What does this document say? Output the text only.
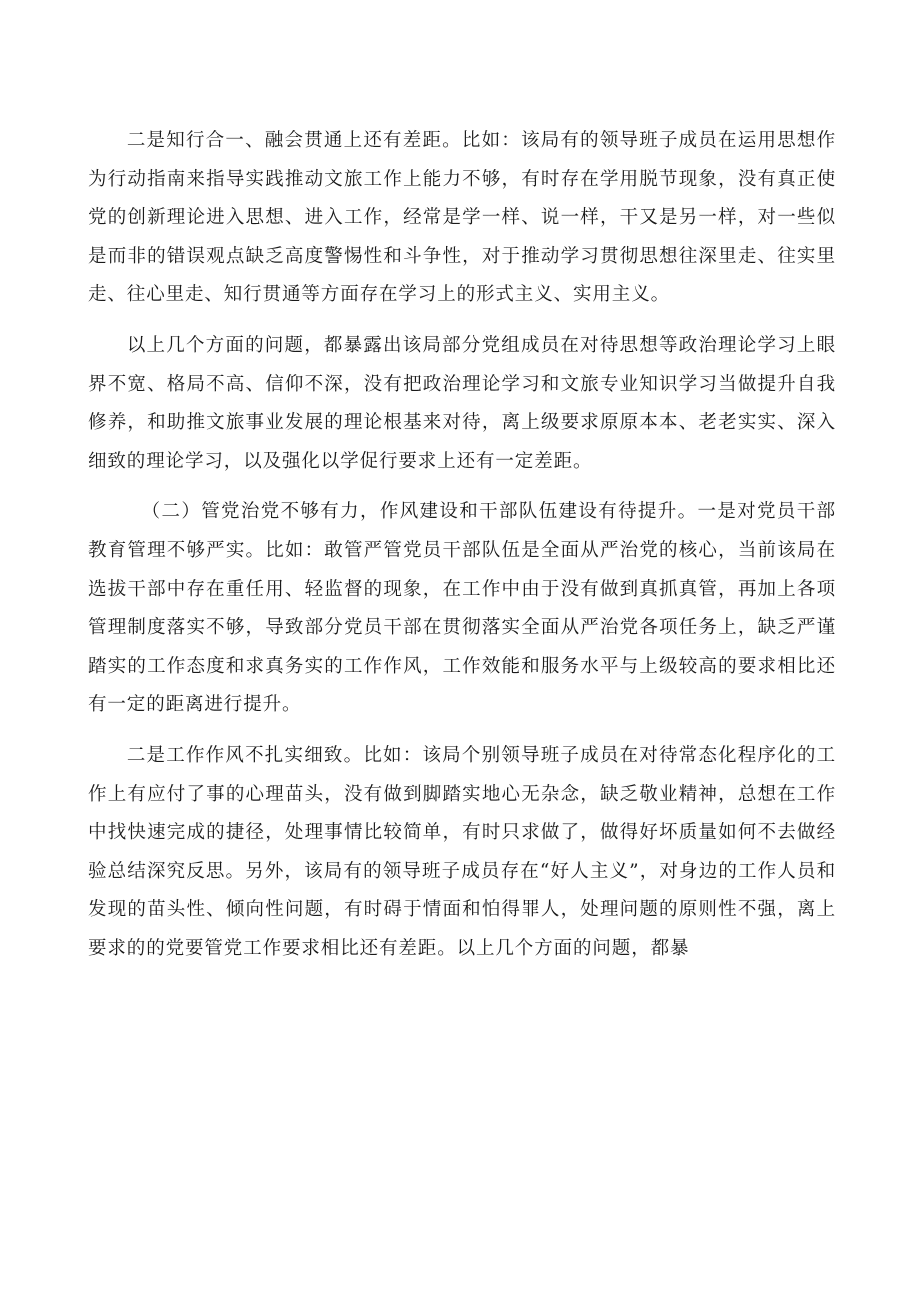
二是知行合一、融会贯通上还有差距。比如：该局有的领导班子成员在运用思想作为行动指南来指导实践推动文旅工作上能力不够，有时存在学用脱节现象，没有真正使党的创新理论进入思想、进入工作，经常是学一样、说一样，干又是另一样，对一些似是而非的错误观点缺乏高度警惕性和斗争性，对于推动学习贯彻思想往深里走、往实里走、往心里走、知行贯通等方面存在学习上的形式主义、实用主义。

以上几个方面的问题，都暴露出该局部分党组成员在对待思想等政治理论学习上眼界不宽、格局不高、信仰不深，没有把政治理论学习和文旅专业知识学习当做提升自我修养，和助推文旅事业发展的理论根基来对待，离上级要求原原本本、老老实实、深入细致的理论学习，以及强化以学促行要求上还有一定差距。

（二）管党治党不够有力，作风建设和干部队伍建设有待提升。一是对党员干部教育管理不够严实。比如：敢管严管党员干部队伍是全面从严治党的核心，当前该局在选拔干部中存在重任用、轻监督的现象，在工作中由于没有做到真抓真管，再加上各项管理制度落实不够，导致部分党员干部在贯彻落实全面从严治党各项任务上，缺乏严谨踏实的工作态度和求真务实的工作作风，工作效能和服务水平与上级较高的要求相比还有一定的距离进行提升。

二是工作作风不扎实细致。比如：该局个别领导班子成员在对待常态化程序化的工作上有应付了事的心理苗头，没有做到脚踏实地心无杂念，缺乏敬业精神，总想在工作中找快速完成的捷径，处理事情比较简单，有时只求做了，做得好坏质量如何不去做经验总结深究反思。另外，该局有的领导班子成员存在“好人主义”，对身边的工作人员和发现的苗头性、倾向性问题，有时碍于情面和怕得罪人，处理问题的原则性不强，离上要求的的党要管党工作要求相比还有差距。以上几个方面的问题，都暴
